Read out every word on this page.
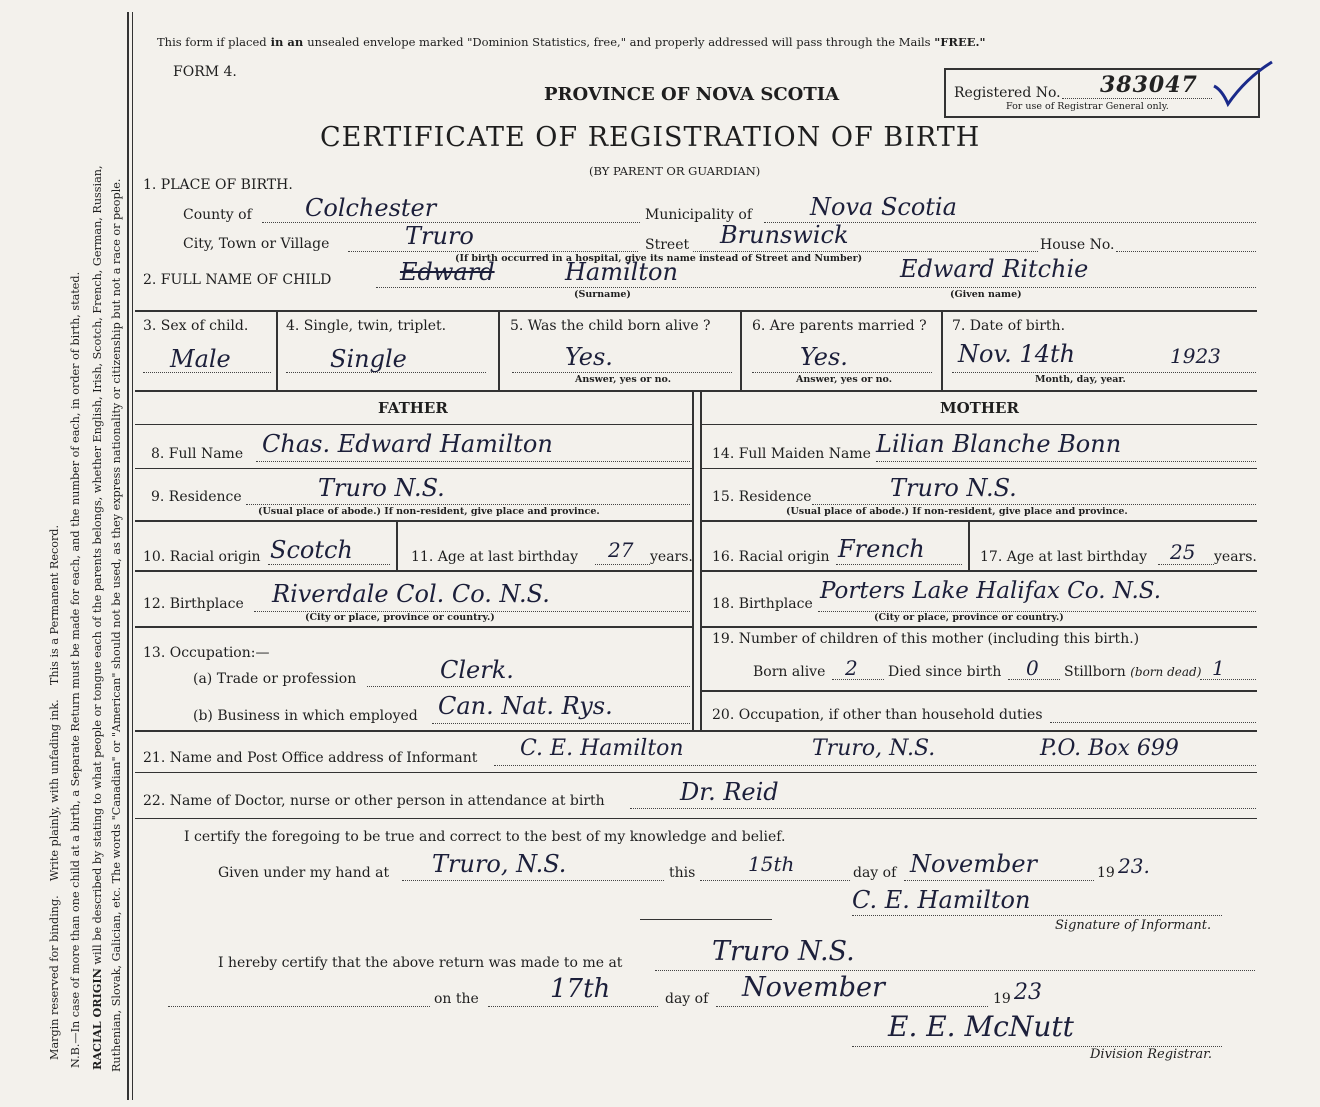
Margin reserved for binding.    Write plainly, with unfading ink.    This is a Permanent Record. N.B.—In case of more than one child at a birth, a Separate Return must be made for each, and the number of each, in order of birth, stated. RACIAL ORIGIN will be described by stating to what people or tongue each of the parents belongs, whether English, Irish, Scotch, French, German, Russian, Ruthenian, Slovak, Galician, etc. The words "Canadian" or "American" should not be used, as they express nationality or citizenship but not a race or people.
This form if placed in an unsealed envelope marked "Dominion Statistics, free," and properly addressed will pass through the Mails "FREE."
FORM 4.
PROVINCE OF NOVA SCOTIA
CERTIFICATE OF REGISTRATION OF BIRTH
(BY PARENT OR GUARDIAN)
Registered No. 383047
For use of Registrar General only.
1. PLACE OF BIRTH.
County of Colchester	Municipality of Nova Scotia
City, Town or Village	Truro	Street Brunswick	House No.
(If birth occurred in a hospital, give its name instead of Street and Number)
2. FULL NAME OF CHILD	Edward	Hamilton
(Surname)
Edward Ritchie
(Given name)
3. Sex of child.
Male
4. Single, twin, triplet.
Single
5. Was the child born alive ?
Yes.
Answer, yes or no.
6. Are parents married ?
Yes.
Answer, yes or no.
7. Date of birth.
Nov. 14th	1923
Month, day, year.
FATHER
8. Full Name Chas. Edward Hamilton
9. Residence	Truro N.S.
(Usual place of abode.) If non-resident, give place and province.
10. Racial origin Scotch	11. Age at last birthday 27 years.
12. Birthplace Riverdale Col. Co. N.S.
(City or place, province or country.)
13. Occupation:—
(a) Trade or profession	Clerk.
(b) Business in which employed Can. Nat. Rys.
MOTHER
14. Full Maiden Name Lilian Blanche Bonn
15. Residence	Truro N.S.
(Usual place of abode.) If non-resident, give place and province.
16. Racial origin French	17. Age at last birthday 25 years.
18. Birthplace Porters Lake Halifax Co. N.S.
(City or place, province or country.)
19. Number of children of this mother (including this birth.)
Born alive 2 Died since birth 0 Stillborn (born dead) 1
20. Occupation, if other than household duties
21. Name and Post Office address of Informant C. E. Hamilton	Truro, N.S.	P.O. Box 699
22. Name of Doctor, nurse or other person in attendance at birth	Dr. Reid
I certify the foregoing to be true and correct to the best of my knowledge and belief.
Given under my hand at Truro, N.S.	this	15th	day of November	19 23.
C. E. Hamilton
Signature of Informant.
I hereby certify that the above return was made to me at	Truro N.S.
on the	17th	day of November	19 23
E. E. McNutt
Division Registrar.
